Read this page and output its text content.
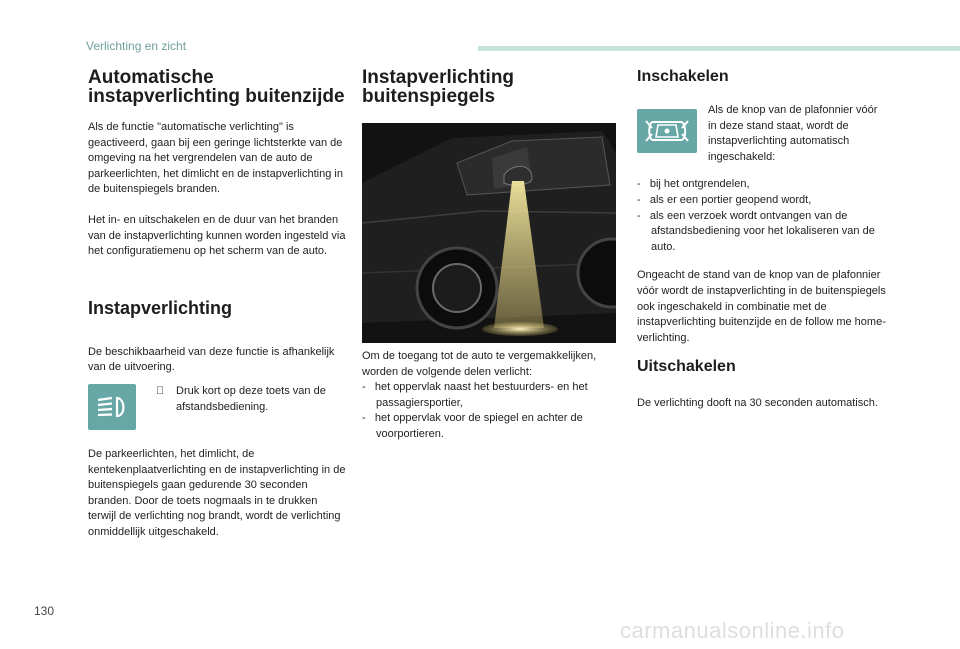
Verlichting en zicht
Automatische
instapverlichting buitenzijde

Als de functie "automatische verlichting" is geactiveerd, gaan bij een geringe lichtsterkte van de omgeving na het vergrendelen van de auto de parkeerlichten, het dimlicht en de instapverlichting in de buitenspiegels branden.

Het in- en uitschakelen en de duur van het branden van de instapverlichting kunnen worden ingesteld via het configuratiemenu op het scherm van de auto.

Instapverlichting

De beschikbaarheid van deze functie is afhankelijk van de uitvoering.

Druk kort op deze toets van de afstandsbediening.

De parkeerlichten, het dimlicht, de kentekenplaatverlichting en de instapverlichting in de buitenspiegels gaan gedurende 30 seconden branden. Door de toets nogmaals in te drukken terwijl de verlichting nog brandt, wordt de verlichting onmiddellijk uitgeschakeld.

Instapverlichting
buitenspiegels

Om de toegang tot de auto te vergemakkelijken, worden de volgende delen verlicht:

-   het oppervlak naast het bestuurders- en het passagiersportier,
-   het oppervlak voor de spiegel en achter de voorportieren.
Inschakelen

Als de knop van de plafonnier vóór in deze stand staat, wordt de instapverlichting automatisch ingeschakeld:

-   bij het ontgrendelen,
-   als er een portier geopend wordt,
-   als een verzoek wordt ontvangen van de afstandsbediening voor het lokaliseren van de auto.

Ongeacht de stand van de knop van de plafonnier vóór wordt de instapverlichting in de buitenspiegels ook ingeschakeld in combinatie met de instapverlichting buitenzijde en de follow me home-verlichting.

Uitschakelen

De verlichting dooft na 30 seconden automatisch.

130
carmanualsonline.info
